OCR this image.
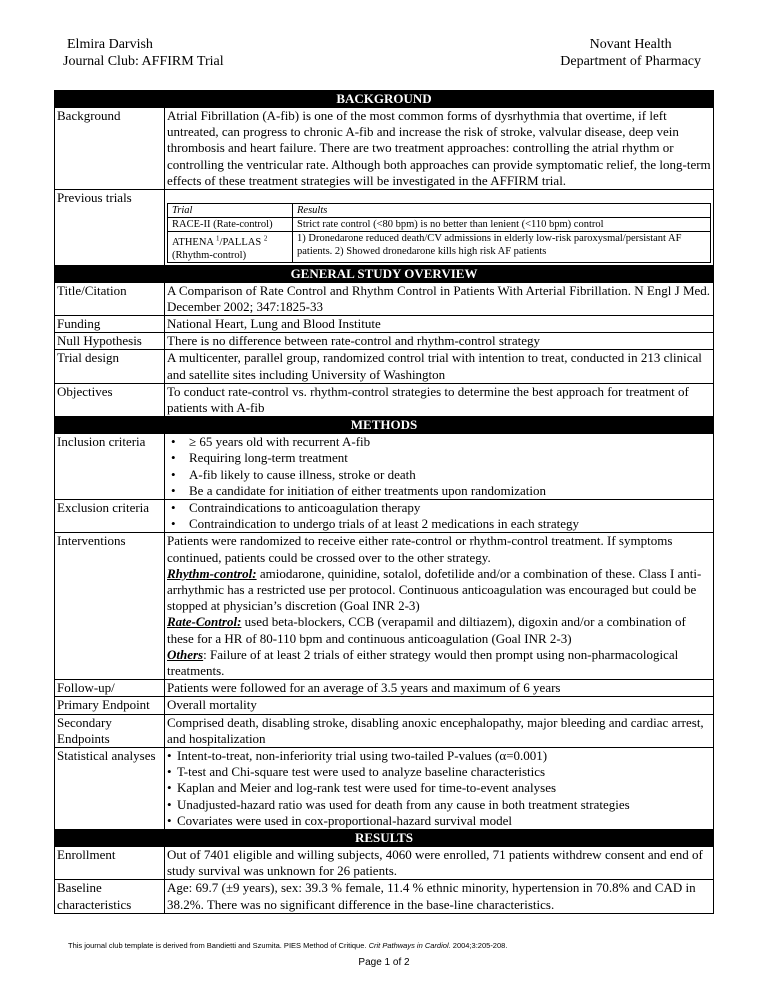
Elmira Darvish
Journal Club: AFFIRM Trial
Novant Health
Department of Pharmacy
BACKGROUND
Background	Atrial Fibrillation (A-fib) is one of the most common forms of dysrhythmia that overtime, if left untreated, can progress to chronic A-fib and increase the risk of stroke, valvular disease, deep vein thrombosis and heart failure. There are two treatment approaches: controlling the atrial rhythm or controlling the ventricular rate. Although both approaches can provide symptomatic relief, the long-term effects of these treatment strategies will be investigated in the AFFIRM trial.
Previous trials	
Trial	Results
RACE-II (Rate-control)	Strict rate control (<80 bpm) is no better than lenient (<110 bpm) control
ATHENA $^1$/PALLAS $^2$
(Rhythm-control)	1) Dronedarone reduced death/CV admissions in elderly low-risk paroxysmal/persistant AF patients. 2) Showed dronedarone kills high risk AF patients

GENERAL STUDY OVERVIEW
Title/Citation	A Comparison of Rate Control and Rhythm Control in Patients With Arterial Fibrillation. N Engl J Med. December 2002; 347:1825-33
Funding	National Heart, Lung and Blood Institute
Null Hypothesis	There is no difference between rate-control and rhythm-control strategy
Trial design	A multicenter, parallel group, randomized control trial with intention to treat, conducted in 213 clinical and satellite sites including University of Washington
Objectives	To conduct rate-control vs. rhythm-control strategies to determine the best approach for treatment of patients with A-fib
METHODS
Inclusion criteria	
•≥ 65 years old with recurrent A-fib
• Requiring long-term treatment
• A-fib likely to cause illness, stroke or death
• Be a candidate for initiation of either treatments upon randomization

Exclusion criteria	
•Contraindications to anticoagulation therapy
• Contraindication to undergo trials of at least 2 medications in each strategy

Interventions	Patients were randomized to receive either rate-control or rhythm-control treatment. If symptoms continued, patients could be crossed over to the other strategy.
Rhythm-control: amiodarone, quinidine, sotalol, dofetilide and/or a combination of these. Class I anti-arrhythmic has a restricted use per protocol. Continuous anticoagulation was encouraged but could be stopped at physician’s discretion (Goal INR 2-3)
Rate-Control: used beta-blockers, CCB (verapamil and diltiazem), digoxin and/or a combination of these for a HR of 80-110 bpm and continuous anticoagulation (Goal INR 2-3)
Others: Failure of at least 2 trials of either strategy would then prompt using non-pharmacological treatments.

Follow-up/	Patients were followed for an average of 3.5 years and maximum of 6 years
Primary Endpoint	Overall mortality
Secondary Endpoints	Comprised death, disabling stroke, disabling anoxic encephalopathy, major bleeding and cardiac arrest, and hospitalization
Statistical analyses	
•Intent-to-treat, non-inferiority trial using two-tailed P-values (α=0.001)
• T-test and Chi-square test were used to analyze baseline characteristics
• Kaplan and Meier and log-rank test were used for time-to-event analyses
• Unadjusted-hazard ratio was used for death from any cause in both treatment strategies
• Covariates were used in cox-proportional-hazard survival model

RESULTS
Enrollment	Out of 7401 eligible and willing subjects, 4060 were enrolled, 71 patients withdrew consent and end of study survival was unknown for 26 patients.
Baseline characteristics	Age: 69.7 (±9 years), sex: 39.3 % female, 11.4 % ethnic minority, hypertension in 70.8% and CAD in 38.2%. There was no significant difference in the base-line characteristics.
This journal club template is derived from Bandietti and Szumita. PIES Method of Critique. Crit Pathways in Cardiol. 2004;3:205-208.
Page 1 of 2
